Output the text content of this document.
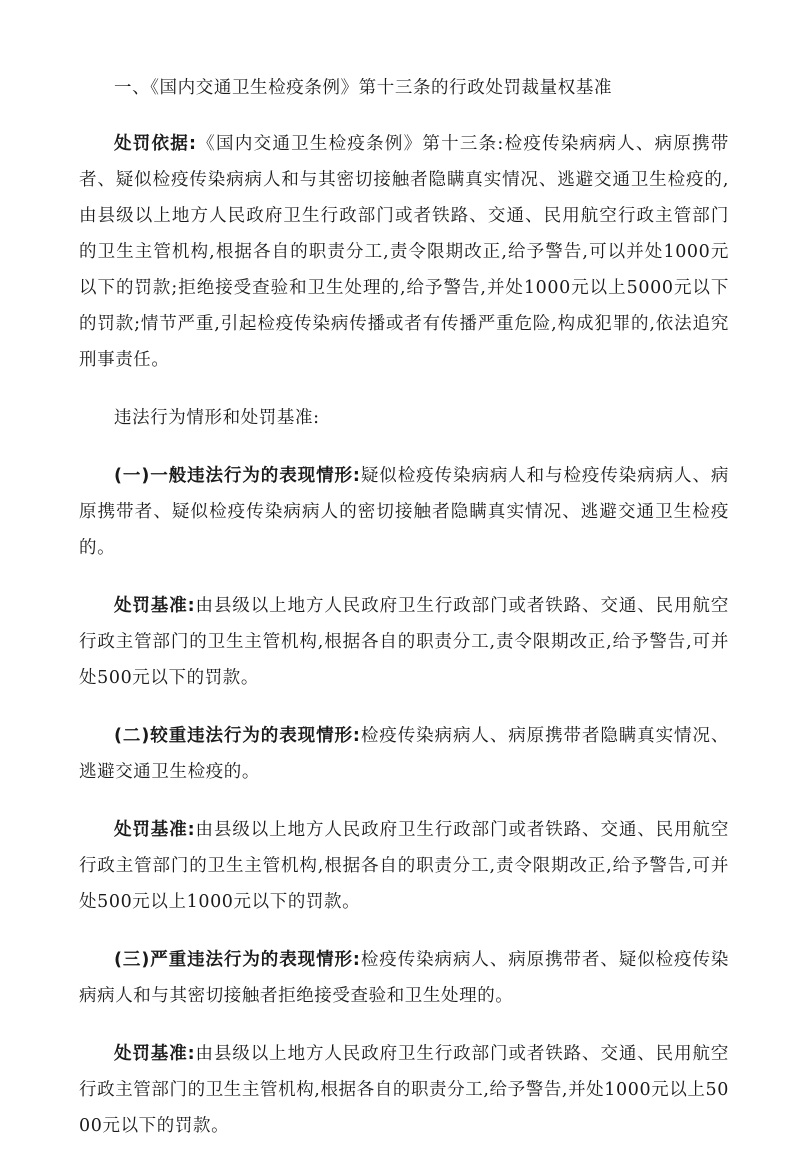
一、《国内交通卫生检疫条例》第十三条的行政处罚裁量权基准

处罚依据:《国内交通卫生检疫条例》第十三条:检疫传染病病人、病原携带者、疑似检疫传染病病人和与其密切接触者隐瞒真实情况、逃避交通卫生检疫的,由县级以上地方人民政府卫生行政部门或者铁路、交通、民用航空行政主管部门的卫生主管机构,根据各自的职责分工,责令限期改正,给予警告,可以并处1000元以下的罚款;拒绝接受查验和卫生处理的,给予警告,并处1000元以上5000元以下的罚款;情节严重,引起检疫传染病传播或者有传播严重危险,构成犯罪的,依法追究刑事责任。

违法行为情形和处罚基准:

(一)一般违法行为的表现情形:疑似检疫传染病病人和与检疫传染病病人、病原携带者、疑似检疫传染病病人的密切接触者隐瞒真实情况、逃避交通卫生检疫的。

处罚基准:由县级以上地方人民政府卫生行政部门或者铁路、交通、民用航空行政主管部门的卫生主管机构,根据各自的职责分工,责令限期改正,给予警告,可并处500元以下的罚款。

(二)较重违法行为的表现情形:检疫传染病病人、病原携带者隐瞒真实情况、逃避交通卫生检疫的。

处罚基准:由县级以上地方人民政府卫生行政部门或者铁路、交通、民用航空行政主管部门的卫生主管机构,根据各自的职责分工,责令限期改正,给予警告,可并处500元以上1000元以下的罚款。

(三)严重违法行为的表现情形:检疫传染病病人、病原携带者、疑似检疫传染病病人和与其密切接触者拒绝接受查验和卫生处理的。

处罚基准:由县级以上地方人民政府卫生行政部门或者铁路、交通、民用航空行政主管部门的卫生主管机构,根据各自的职责分工,给予警告,并处1000元以上5000元以下的罚款。
